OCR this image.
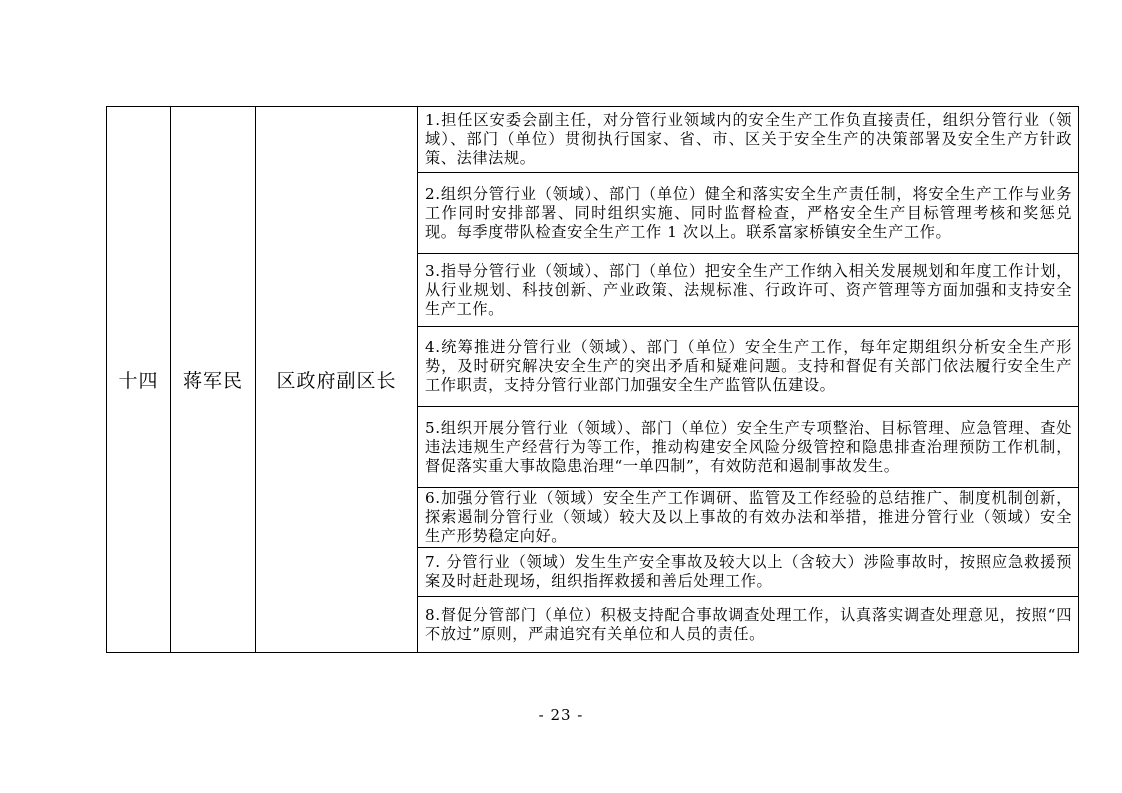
十四	蒋军民	区政府副区长	1.担任区安委会副主任，对分管行业领域内的安全生产工作负直接责任，组织分管行业（领域）、部门（单位）贯彻执行国家、省、市、区关于安全生产的决策部署及安全生产方针政策、法律法规。
2.组织分管行业（领域）、部门（单位）健全和落实安全生产责任制，将安全生产工作与业务工作同时安排部署、同时组织实施、同时监督检查，严格安全生产目标管理考核和奖惩兑现。每季度带队检查安全生产工作 1 次以上。联系富家桥镇安全生产工作。
3.指导分管行业（领域）、部门（单位）把安全生产工作纳入相关发展规划和年度工作计划，从行业规划、科技创新、产业政策、法规标准、行政许可、资产管理等方面加强和支持安全生产工作。
4.统筹推进分管行业（领域）、部门（单位）安全生产工作，每年定期组织分析安全生产形势，及时研究解决安全生产的突出矛盾和疑难问题。支持和督促有关部门依法履行安全生产工作职责，支持分管行业部门加强安全生产监管队伍建设。
5.组织开展分管行业（领域）、部门（单位）安全生产专项整治、目标管理、应急管理、查处违法违规生产经营行为等工作，推动构建安全风险分级管控和隐患排查治理预防工作机制，督促落实重大事故隐患治理“一单四制”，有效防范和遏制事故发生。
6.加强分管行业（领域）安全生产工作调研、监管及工作经验的总结推广、制度机制创新，探索遏制分管行业（领域）较大及以上事故的有效办法和举措，推进分管行业（领域）安全生产形势稳定向好。
7. 分管行业（领域）发生生产安全事故及较大以上（含较大）涉险事故时，按照应急救援预案及时赶赴现场，组织指挥救援和善后处理工作。
8.督促分管部门（单位）积极支持配合事故调查处理工作，认真落实调查处理意见，按照“四不放过”原则，严肃追究有关单位和人员的责任。
- 23 -
